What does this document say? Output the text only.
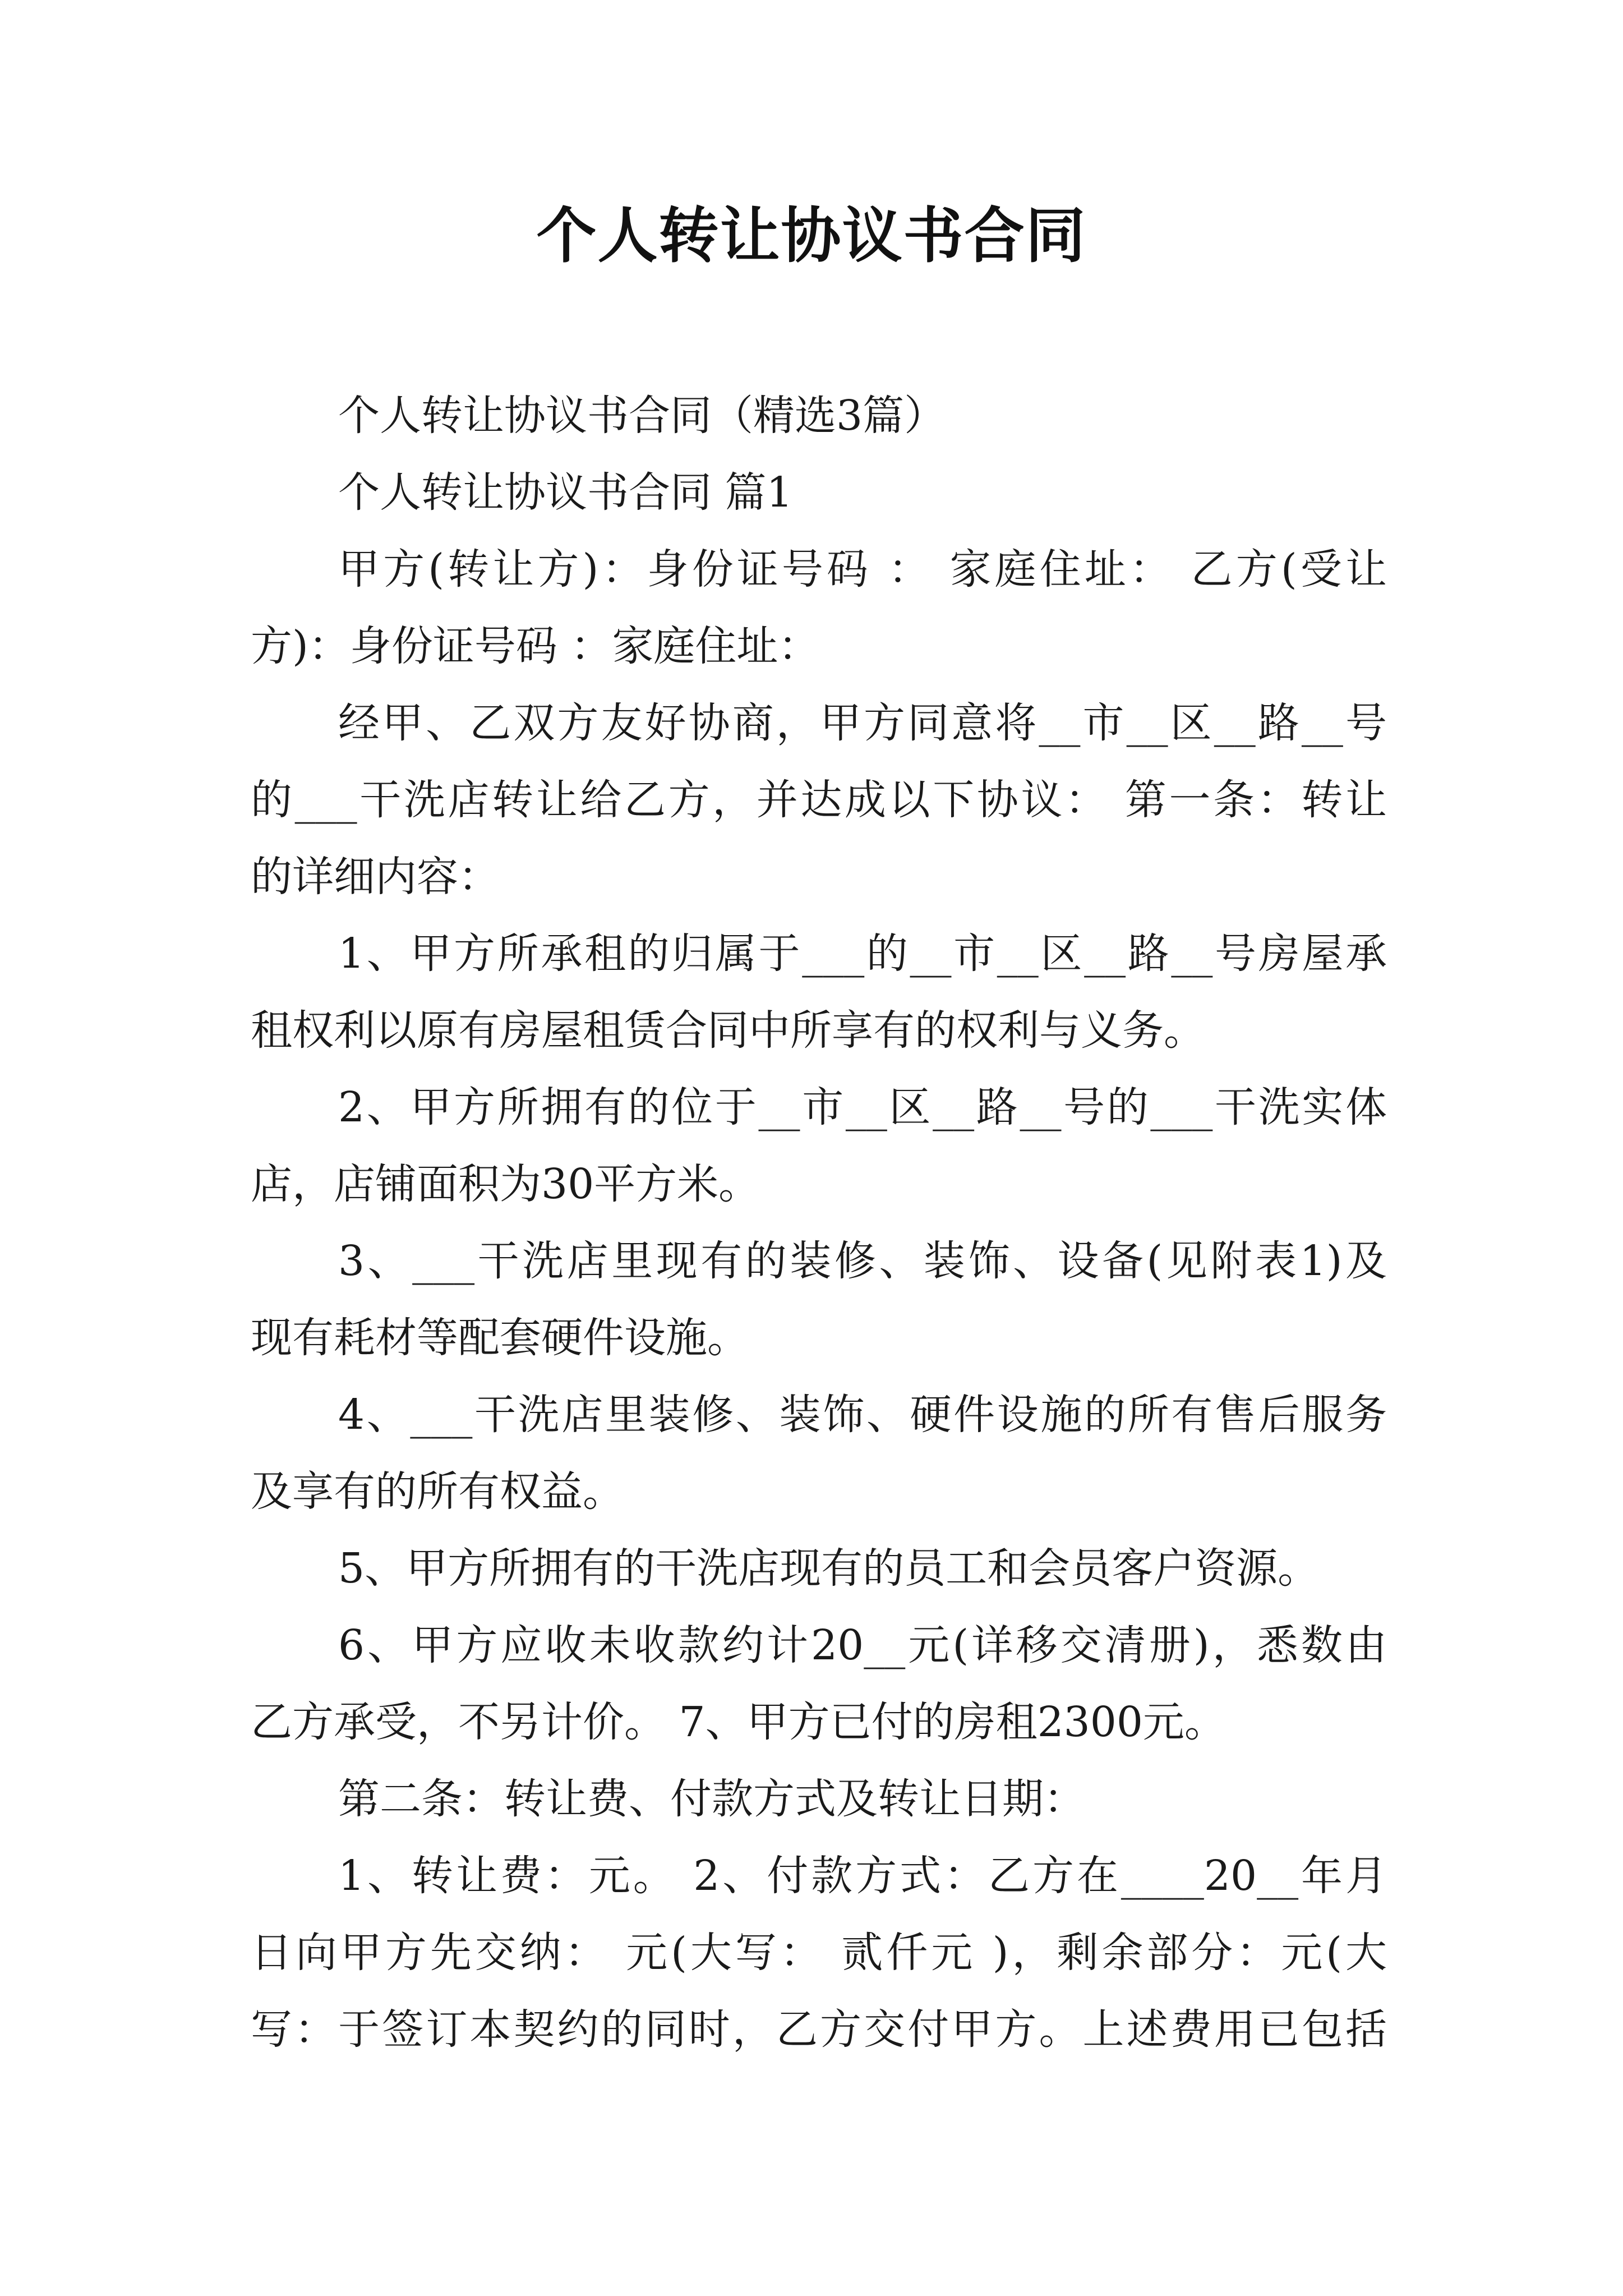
个人转让协议书合同
个人转让协议书合同（精选3篇）
个人转让协议书合同 篇1
甲方(转让方)：身份证号码 ： 家庭住址： 乙方(受让
方)：身份证号码 ：家庭住址：
经甲、乙双方友好协商，甲方同意将__市__区__路__号
的___干洗店转让给乙方，并达成以下协议： 第一条：转让
的详细内容：
1、甲方所承租的归属于___的__市__区__路__号房屋承
租权利以原有房屋租赁合同中所享有的权利与义务。
2、甲方所拥有的位于__市__区__路__号的___干洗实体
店，店铺面积为30平方米。
3、___干洗店里现有的装修、装饰、设备(见附表1)及
现有耗材等配套硬件设施。
4、___干洗店里装修、装饰、硬件设施的所有售后服务
及享有的所有权益。
5、甲方所拥有的干洗店现有的员工和会员客户资源。
6、甲方应收未收款约计20__元(详移交清册)，悉数由
乙方承受，不另计价。 7、甲方已付的房租2300元。
第二条：转让费、付款方式及转让日期：
1、转让费：元。 2、付款方式：乙方在____20__年月
日向甲方先交纳： 元(大写： 贰仟元 )，剩余部分：元(大
写：于签订本契约的同时，乙方交付甲方。上述费用已包括
